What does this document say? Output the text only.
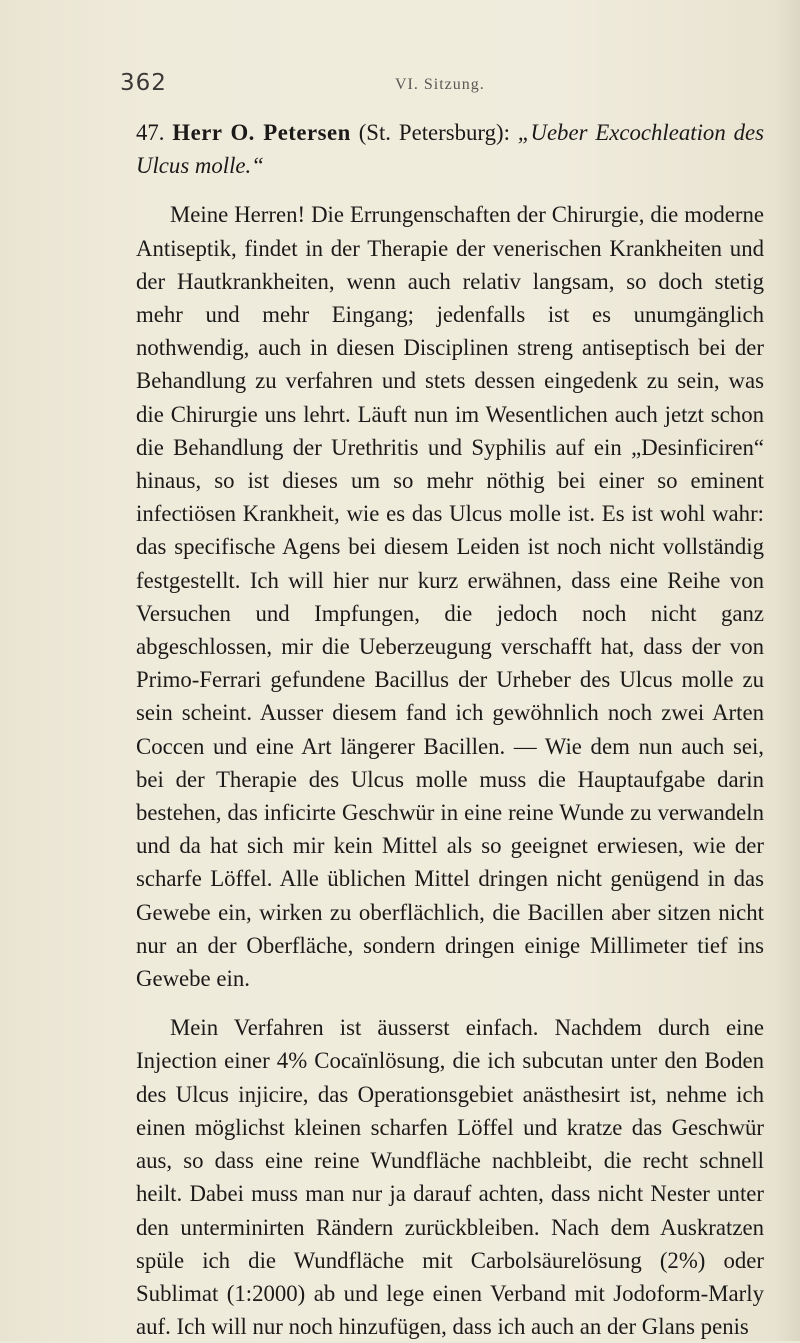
362	VI. Sitzung.

47. Herr O. Petersen (St. Petersburg): „Ueber Excochleation des Ulcus molle.“

Meine Herren! Die Errungenschaften der Chirurgie, die moderne Antiseptik, findet in der Therapie der venerischen Krankheiten und der Hautkrankheiten, wenn auch relativ langsam, so doch stetig mehr und mehr Eingang; jedenfalls ist es unumgänglich nothwendig, auch in diesen Disciplinen streng antiseptisch bei der Behandlung zu verfahren und stets dessen eingedenk zu sein, was die Chirurgie uns lehrt. Läuft nun im Wesentlichen auch jetzt schon die Behandlung der Urethritis und Syphilis auf ein „Desinficiren“ hinaus, so ist dieses um so mehr nöthig bei einer so eminent infectiösen Krankheit, wie es das Ulcus molle ist. Es ist wohl wahr: das specifische Agens bei diesem Leiden ist noch nicht vollständig festgestellt. Ich will hier nur kurz erwähnen, dass eine Reihe von Versuchen und Impfungen, die jedoch noch nicht ganz abgeschlossen, mir die Ueberzeugung verschafft hat, dass der von Primo-Ferrari gefundene Bacillus der Urheber des Ulcus molle zu sein scheint. Ausser diesem fand ich gewöhnlich noch zwei Arten Coccen und eine Art längerer Bacillen. — Wie dem nun auch sei, bei der Therapie des Ulcus molle muss die Hauptaufgabe darin bestehen, das inficirte Geschwür in eine reine Wunde zu verwandeln und da hat sich mir kein Mittel als so geeignet erwiesen, wie der scharfe Löffel. Alle üblichen Mittel dringen nicht genügend in das Gewebe ein, wirken zu oberflächlich, die Bacillen aber sitzen nicht nur an der Oberfläche, sondern dringen einige Millimeter tief ins Gewebe ein.

Mein Verfahren ist äusserst einfach. Nachdem durch eine Injection einer 4% Cocaïnlösung, die ich subcutan unter den Boden des Ulcus injicire, das Operationsgebiet anästhesirt ist, nehme ich einen möglichst kleinen scharfen Löffel und kratze das Geschwür aus, so dass eine reine Wundfläche nachbleibt, die recht schnell heilt. Dabei muss man nur ja darauf achten, dass nicht Nester unter den unterminirten Rändern zurückbleiben. Nach dem Auskratzen spüle ich die Wundfläche mit Carbolsäurelösung (2%) oder Sublimat (1:2000) ab und lege einen Verband mit Jodoform-Marly auf. Ich will nur noch hinzufügen, dass ich auch an der Glans penis
